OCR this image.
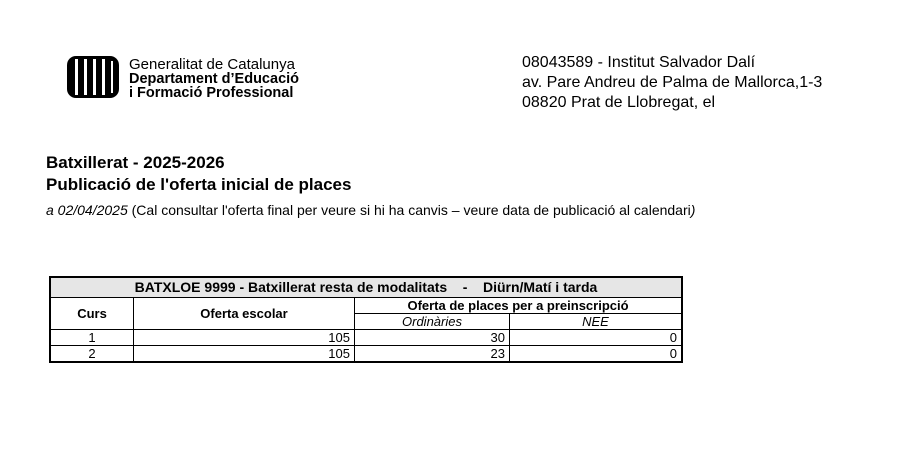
Generalitat de Catalunya
Departament d’Educació
i Formació Professional
08043589 - Institut Salvador Dalí
av. Pare Andreu de Palma de Mallorca,1-3
08820 Prat de Llobregat, el
Batxillerat - 2025-2026
Publicació de l'oferta inicial de places
a 02/04/2025 (Cal consultar l'oferta final per veure si hi ha canvis – veure data de publicació al calendari)
BATXLOE 9999 - Batxillerat resta de modalitats - Diürn/Matí i tarda			
Curs	Oferta escolar	Oferta de places per a preinscripció	
		Ordinàries	NEE
1	105	30	0
2	105	23	0
